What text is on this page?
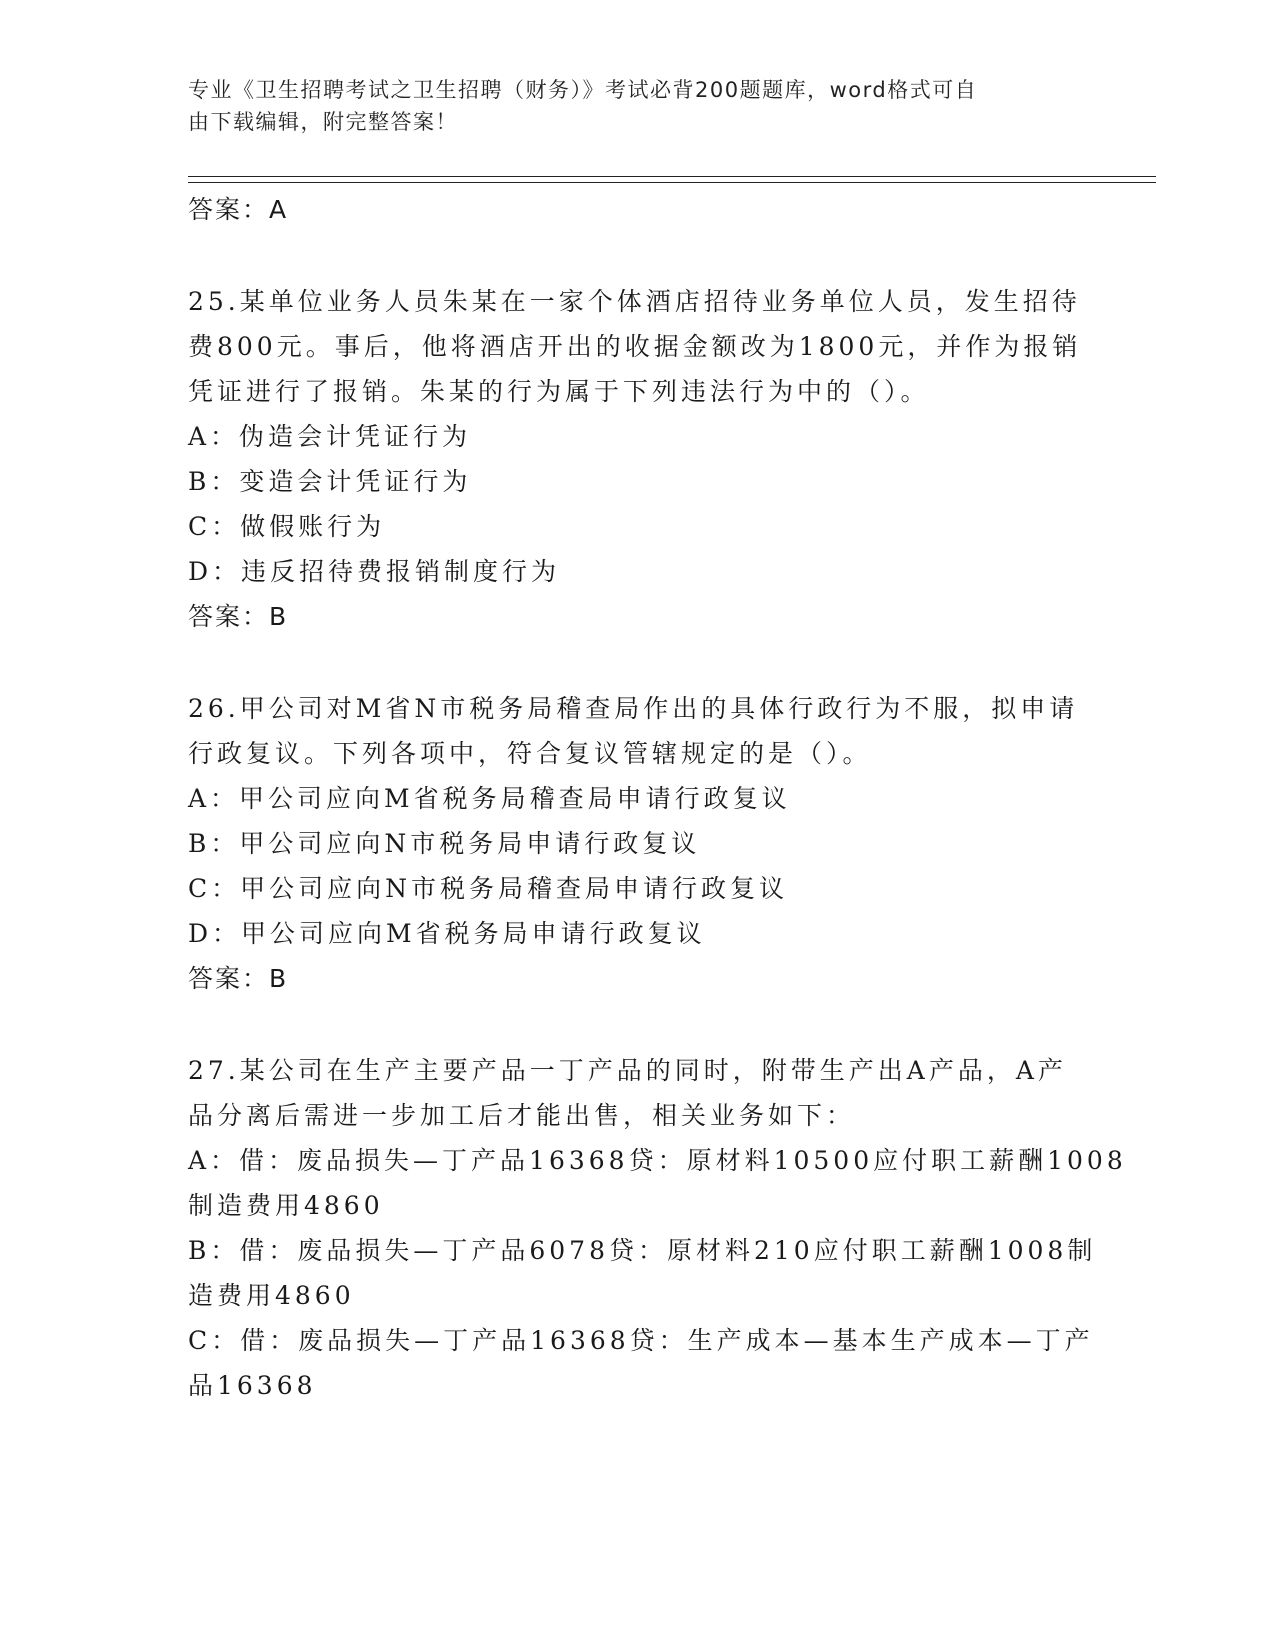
专业《卫生招聘考试之卫生招聘（财务）》考试必背200题题库，word格式可自
由下载编辑，附完整答案！
答案：A
25.某单位业务人员朱某在一家个体酒店招待业务单位人员，发生招待
费800元。事后，他将酒店开出的收据金额改为1800元，并作为报销
凭证进行了报销。朱某的行为属于下列违法行为中的（）。
A：伪造会计凭证行为
B：变造会计凭证行为
C：做假账行为
D：违反招待费报销制度行为
答案：B
26.甲公司对M省N市税务局稽查局作出的具体行政行为不服，拟申请
行政复议。下列各项中，符合复议管辖规定的是（）。
A：甲公司应向M省税务局稽查局申请行政复议
B：甲公司应向N市税务局申请行政复议
C：甲公司应向N市税务局稽查局申请行政复议
D：甲公司应向M省税务局申请行政复议
答案：B
27.某公司在生产主要产品一丁产品的同时，附带生产出A产品，A产
品分离后需进一步加工后才能出售，相关业务如下：
A：借：废品损失—丁产品16368贷：原材料10500应付职工薪酬1008
制造费用4860
B：借：废品损失—丁产品6078贷：原材料210应付职工薪酬1008制
造费用4860
C：借：废品损失—丁产品16368贷：生产成本—基本生产成本—丁产
品16368
